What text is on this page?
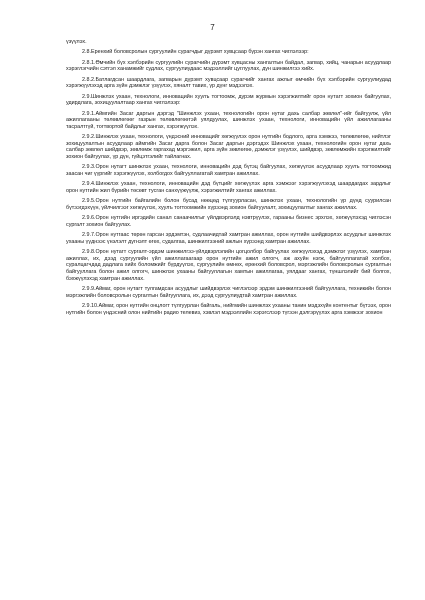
7

үзүүлэх.

2.8.Еренхий боловсролын сургуулийн сурагчдыг дүрэмт хувцсаар бүрэн хангах чиглэлээр:

2.8.1.Өмчийн бүх хэлбэрийн сургуулийн сурагчийн дүрэмт хувцасны хангалтын байдал, загвар, хийц, чанарын асуудлаар хэрэглэгчийн сэтгэл ханамжийг судлах, сургуулиудаас мэдээллийг цуглуулах, дүн шинжилгээ хийх.

2.8.2.Батлагдсан шаардлага, загварын дүрэмт хувцсаар сурагчийг хангах ажлыг өмчийн бүх хэлбэрийн сургуулиудад хэрэгжүүлэхэд арга зүйн дэмжлэг үзүүлэх, хяналт тавих, үр дүнг мэдээлэх.

2.9.Шинжлэх ухаан, технологи, инновацийн хуулъ тогтоомж, дүрэм журмын хэрэгжилтийг орон нутагт зохион байгуулах, удирдлага, зохицуулалтаар хангах чиглэлээр:

2.9.1.Аймгийн Засаг даргын дэргэд "Шинжлэх ухаан, технологийн орон нутаг дахь салбар зөвлөл"-ийг байгуулж, үйл ажиллагааны төлөвлөгөөг газрын төлөвлөгөөтэй уялдуулах, шинжлэх ухаан, технологи, инновацийн үйл ажиллагааны тасралтгүй, тогтвортой байдлыг хангах, хэрэгжүүлэх.

2.9.2.Шинжлэх ухаан, технологи, үндэсний инновацийг хөгжүүлэх орон нутгийн бодлого, арга хэмжээ, төлөвлөгөө, нийтлэг зохицуулалтын асуудлаар аймгийн Засаг дарга болон Засаг даргын дэргэдэх Шинжлэх ухаан, технологийн орон нутаг дахь салбар зөвлөл шийдвэр, зөвлөмж гаргахад мэргэжил, арга зүйн зөвлөгөө, дэмжлэг үзүүлэх, шийдвэр, зөвлөмжийн хэрэгжилтийг зохион байгуулах, үр дүн, гүйцэтгэлийг тайлагнах.

2.9.3.Орон нутагт шинжлэх ухаан, технологи, инновацийн дэд бүтэц байгуулах, хөгжүүлэх асуудлаар хуулъ тогтоомжид заасан чиг үүргийг хэрэгжүүлэх, холбогдох байгууллагатай хамтран ажиллах.

2.9.4.Шинжлэх ухаан, технологи, инновацийн дэд бүтцийг хөгжүүлэх арга хэмжээг хэрэгжүүлэхэд шаардагдах зардлыг орон нутгийн жил бүрийн төсөвт тусган санхүүжүүлж, хэрэгжилтийг хангах ажиллах.

2.9.5.Орон нутгийн байгалийн болон бусад нөөцөд түлгуурласан, шинжлэх ухаан, технологийн үр дүнд суурилсан бүтээгдэхүүн, үйлчилгээг хөгжүүлэх, хуулъ тогтоомжийн хүрээнд зохион байгуулалт, зохицуулалтыг хангах ажиллах.

2.9.6.Орон нутгийн иргэдийн санал санаачилгыг үйлдвэрлэлд нэвтрүүлэх, гарааны бизнес эрхлэх, хөгжүүлэхэд чиглэсэн сургалт зохион байгуулах.

2.9.7.Орон нутгаас төрөн гарсан эрдэмтэн, судлаачидтай хамтран ажиллах, орон нутгийн шийдвэрлэх асуудлыг шинжлэх ухааны үүднээс үнэлэлт дүгнэлт өгөх, судалгаа, шинжилгээний ажлын хүрээнд хамтран ажиллах.

2.9.8.Орон нутагт сургалт-эрдэм шинжилгээ-үйлдвэрлэлийн цогцолбор байгуулах хөгжүүлэхэд дэмжлэг үзүүлэх, хамтран ажиллах, их, дээд сургуулийн үйл ажиллагаагаар орон нутгийн ажил олгогч, аж ахуйн нэгж, байгууллагатай холбох, суралцагчдад дадлага хийх боломжийг бүрдүүлэх, сургуулийн өмнөх, ерөнхий боловсрол, мэргэжлийн боловсролын сургалтын байгууллага болон ажил олгогч, шинжлэх ухааны байгууллагын хамтын ажиллагаа, уялдааг хангах, түншлэлийг бий болгох, бэхжүүлэхэд хамтран ажиллах.

2.9.9.Аймаг, орон нутагт тулгамдсан асуудлыг шийдвэрлэх чиглэлээр эрдэм шинжилгээний байгууллага, техникийн болон мэргэжлийн боловсролын сургалтын байгууллага, их, дээд сургуулиудтай хамтран ажиллах.

2.9.10.Аймаг, орон нутгийн онцлогт түлгуурлан байгаль, нийгмийн шинжлэх ухааны танин мэдэхүйн контентыг бүтээх, орон нутгийн болон үндэсний олон нийтийн радио телевиз, хэвлэл мэдээллийн хэрэгслээр түгээн дэлгэрүүлэх арга хэмжээг зохион
